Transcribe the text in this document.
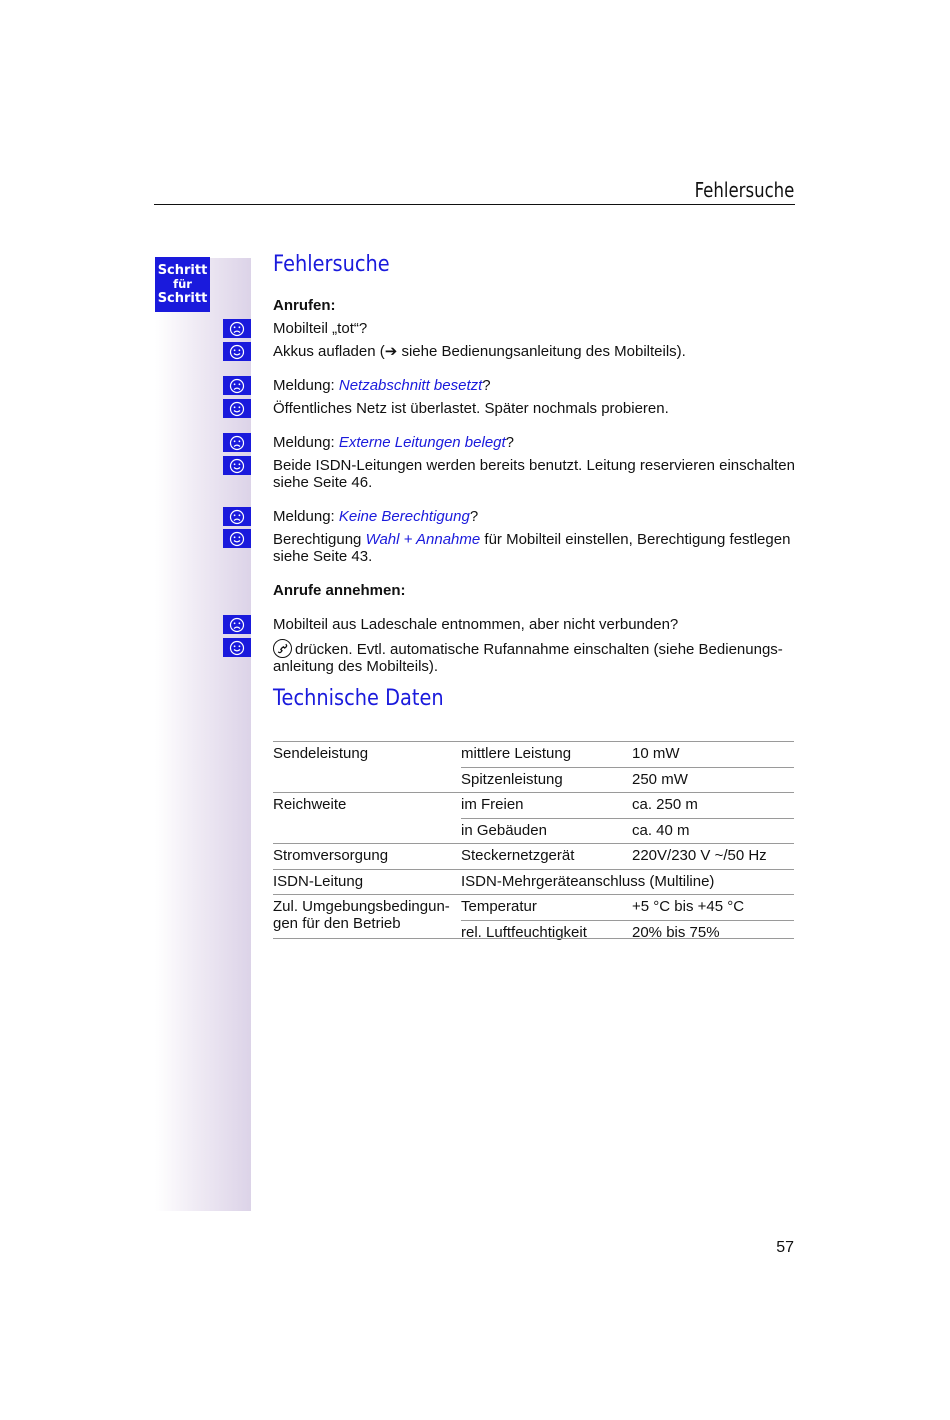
Fehlersuche
Schritt
für
Schritt
Fehlersuche
Anrufen:
Mobilteil „tot“?
Akkus aufladen (➔ siehe Bedienungsanleitung des Mobilteils).
Meldung: Netzabschnitt besetzt?
Öffentliches Netz ist überlastet. Später nochmals probieren.
Meldung: Externe Leitungen belegt?
Beide ISDN-Leitungen werden bereits benutzt. Leitung reservieren einschalten siehe Seite 46.
Meldung: Keine Berechtigung?
Berechtigung Wahl + Annahme für Mobilteil einstellen, Berechtigung festlegen siehe Seite 43.
Anrufe annehmen:
Mobilteil aus Ladeschale entnommen, aber nicht verbunden?
drücken. Evtl. automatische Rufannahme einschalten (siehe Bedienungs-anleitung des Mobilteils).
Technische Daten
Sendeleistung	mittlere Leistung	10 mW
	Spitzenleistung	250 mW
Reichweite	im Freien	ca. 250 m
	in Gebäuden	ca. 40 m
Stromversorgung	Steckernetzgerät	220V/230 V ~/50 Hz
ISDN-Leitung	ISDN-Mehrgeräteanschluss (Multiline)	
Zul. Umgebungsbedingun-gen für den Betrieb	Temperatur	+5 °C bis +45 °C
	rel. Luftfeuchtigkeit	20% bis 75%
57
